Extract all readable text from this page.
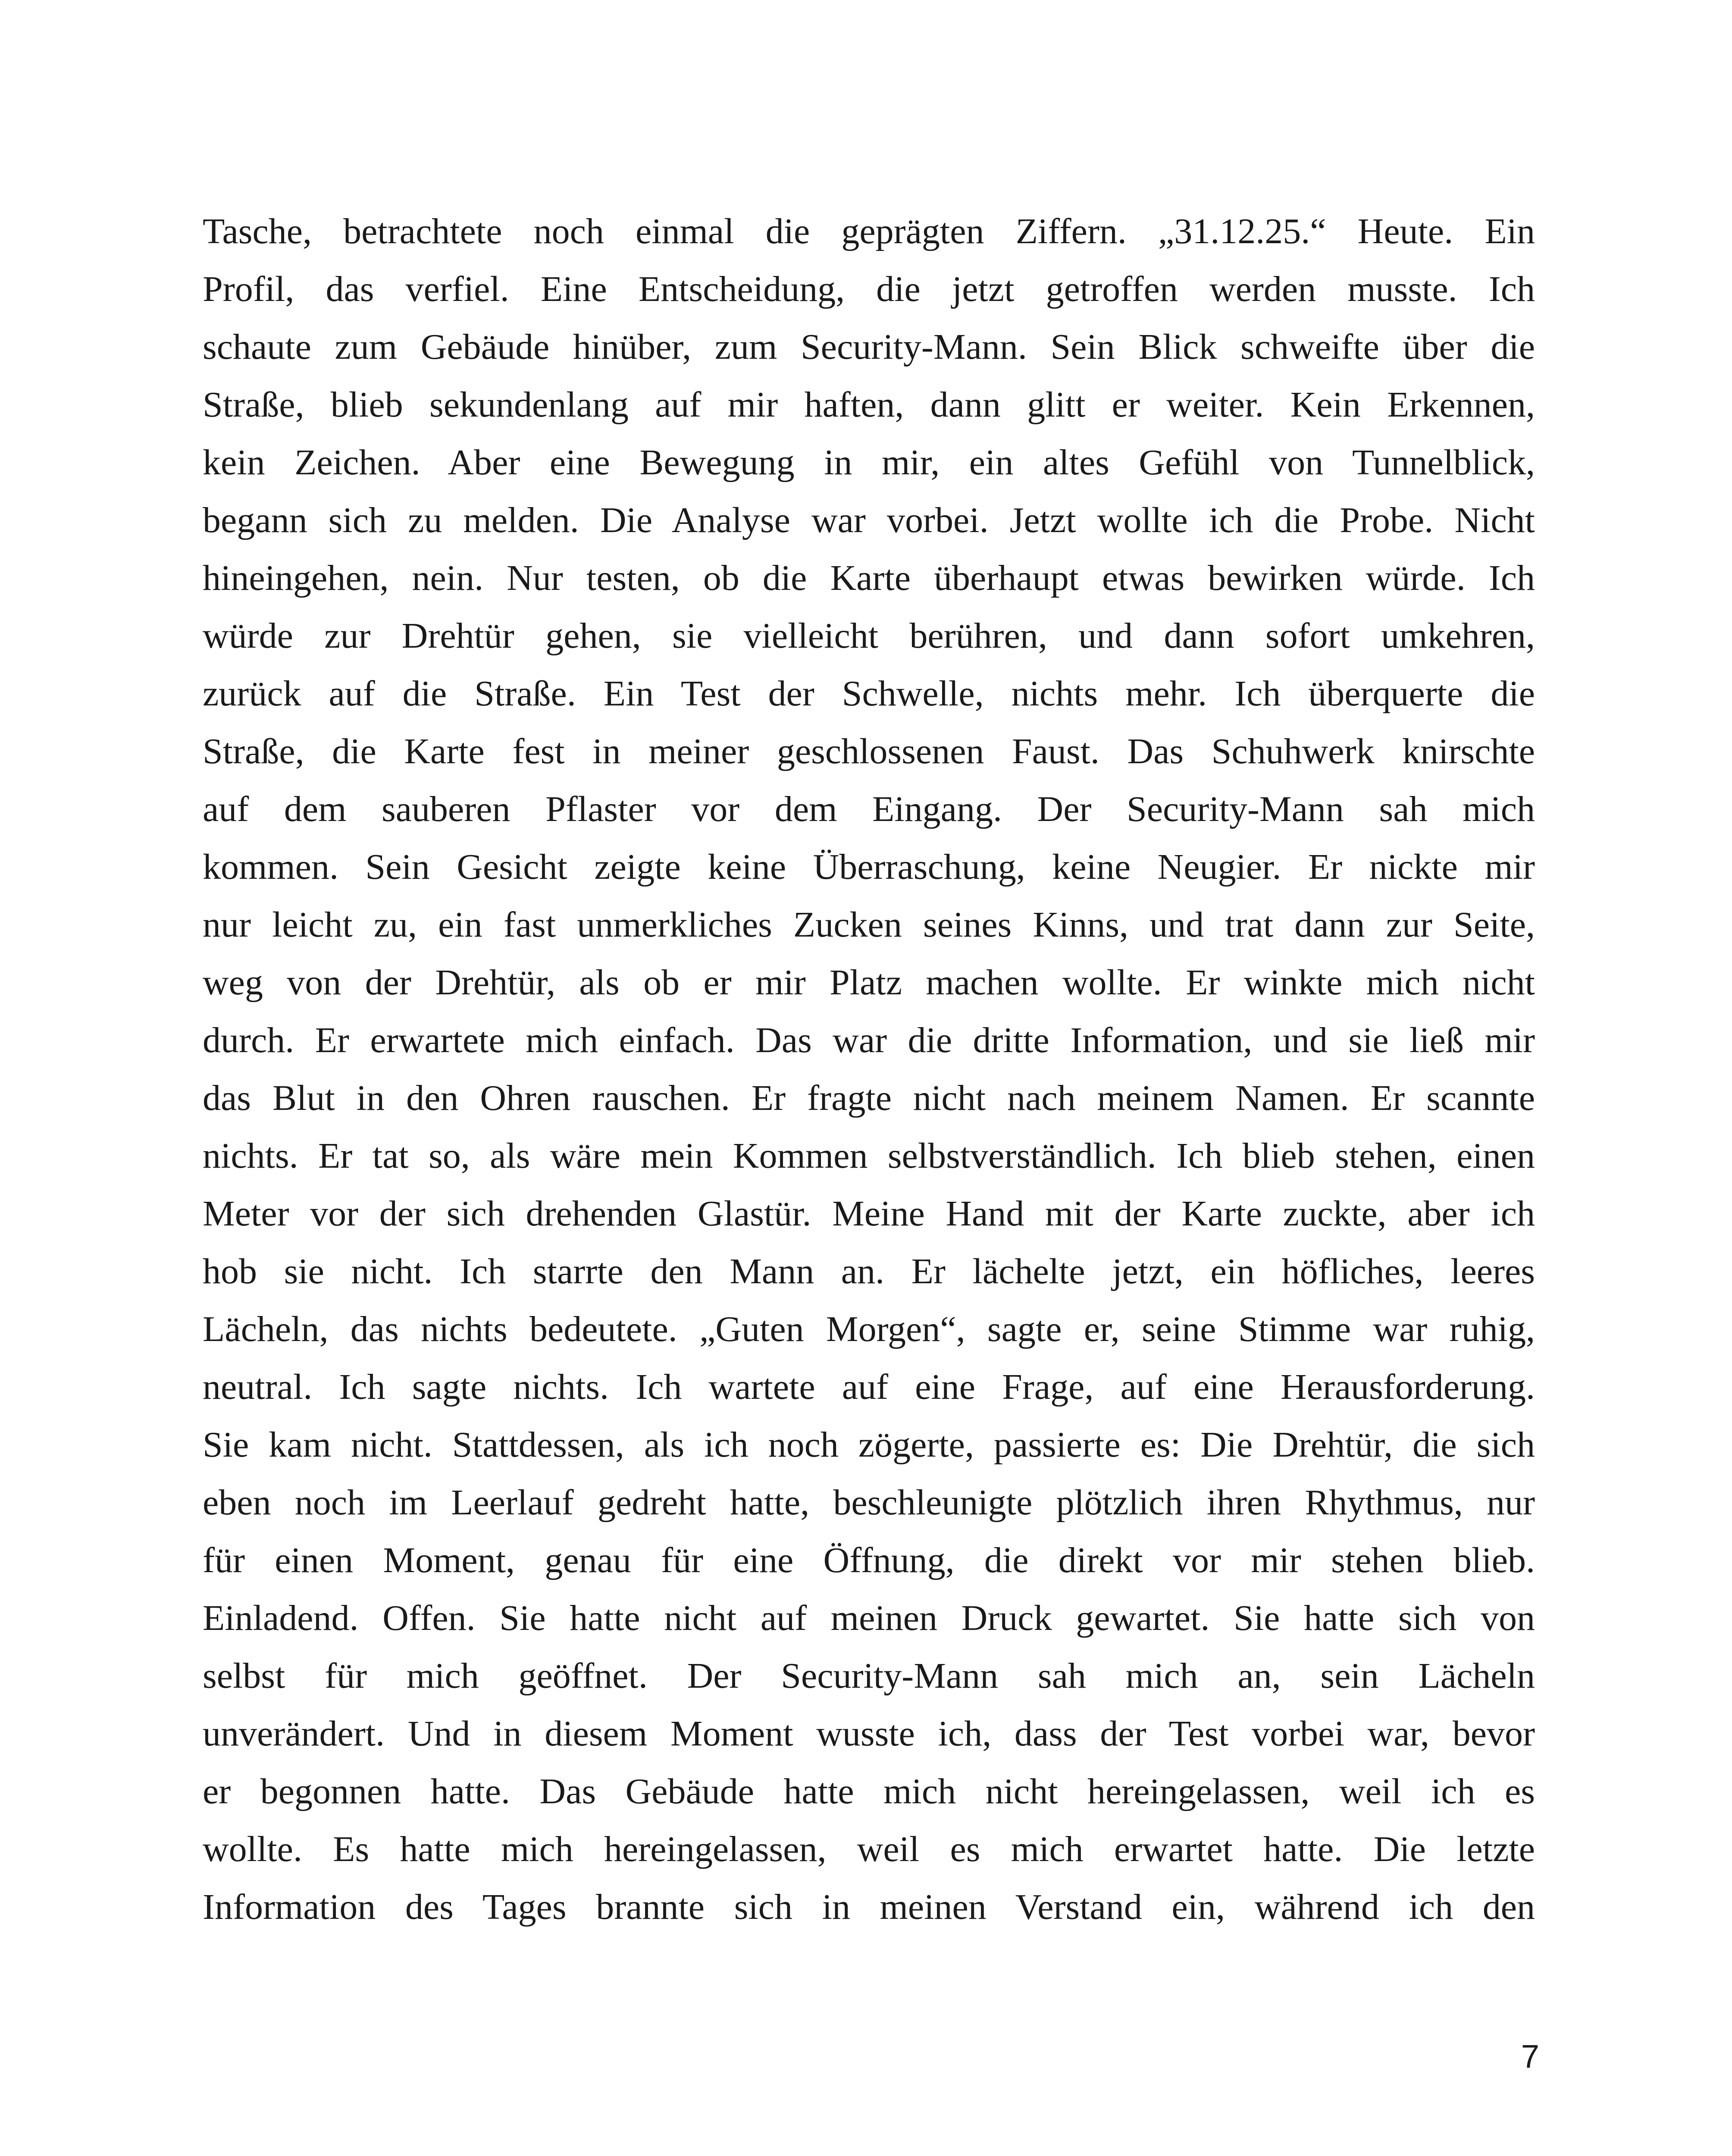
Tasche, betrachtete noch einmal die geprägten Ziffern. „31.12.25.“ Heute. Ein
Profil, das verfiel. Eine Entscheidung, die jetzt getroffen werden musste. Ich
schaute zum Gebäude hinüber, zum Security-Mann. Sein Blick schweifte über die
Straße, blieb sekundenlang auf mir haften, dann glitt er weiter. Kein Erkennen,
kein Zeichen. Aber eine Bewegung in mir, ein altes Gefühl von Tunnelblick,
begann sich zu melden. Die Analyse war vorbei. Jetzt wollte ich die Probe. Nicht
hineingehen, nein. Nur testen, ob die Karte überhaupt etwas bewirken würde. Ich
würde zur Drehtür gehen, sie vielleicht berühren, und dann sofort umkehren,
zurück auf die Straße. Ein Test der Schwelle, nichts mehr. Ich überquerte die
Straße, die Karte fest in meiner geschlossenen Faust. Das Schuhwerk knirschte
auf dem sauberen Pflaster vor dem Eingang. Der Security-Mann sah mich
kommen. Sein Gesicht zeigte keine Überraschung, keine Neugier. Er nickte mir
nur leicht zu, ein fast unmerkliches Zucken seines Kinns, und trat dann zur Seite,
weg von der Drehtür, als ob er mir Platz machen wollte. Er winkte mich nicht
durch. Er erwartete mich einfach. Das war die dritte Information, und sie ließ mir
das Blut in den Ohren rauschen. Er fragte nicht nach meinem Namen. Er scannte
nichts. Er tat so, als wäre mein Kommen selbstverständlich. Ich blieb stehen, einen
Meter vor der sich drehenden Glastür. Meine Hand mit der Karte zuckte, aber ich
hob sie nicht. Ich starrte den Mann an. Er lächelte jetzt, ein höfliches, leeres
Lächeln, das nichts bedeutete. „Guten Morgen“, sagte er, seine Stimme war ruhig,
neutral. Ich sagte nichts. Ich wartete auf eine Frage, auf eine Herausforderung.
Sie kam nicht. Stattdessen, als ich noch zögerte, passierte es: Die Drehtür, die sich
eben noch im Leerlauf gedreht hatte, beschleunigte plötzlich ihren Rhythmus, nur
für einen Moment, genau für eine Öffnung, die direkt vor mir stehen blieb.
Einladend. Offen. Sie hatte nicht auf meinen Druck gewartet. Sie hatte sich von
selbst für mich geöffnet. Der Security-Mann sah mich an, sein Lächeln
unverändert. Und in diesem Moment wusste ich, dass der Test vorbei war, bevor
er begonnen hatte. Das Gebäude hatte mich nicht hereingelassen, weil ich es
wollte. Es hatte mich hereingelassen, weil es mich erwartet hatte. Die letzte
Information des Tages brannte sich in meinen Verstand ein, während ich den
7
